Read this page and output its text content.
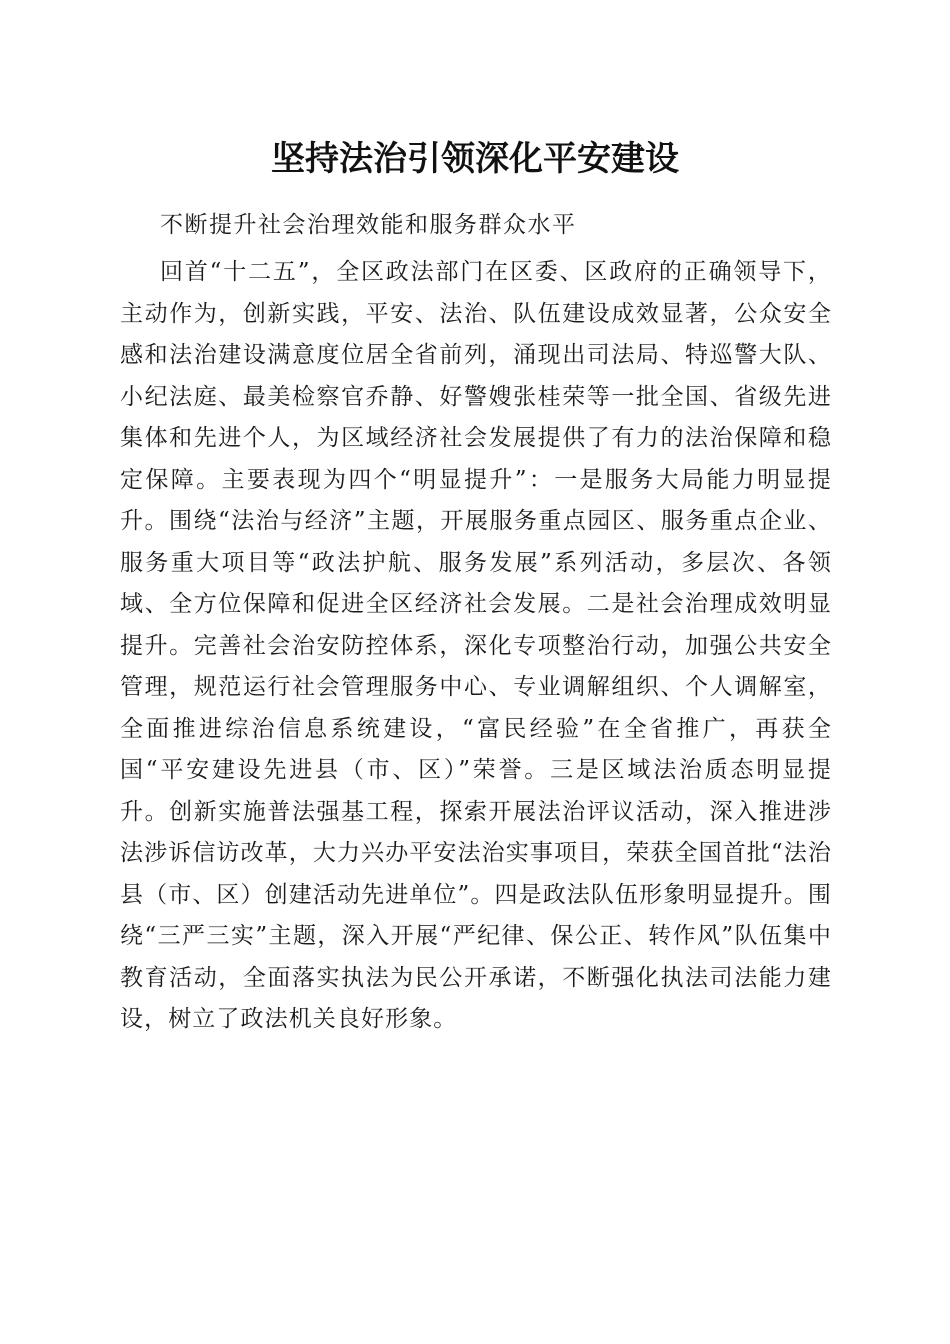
坚持法治引领深化平安建设
不断提升社会治理效能和服务群众水平
回首“十二五”，全区政法部门在区委、区政府的正确领导下，主动作为，创新实践，平安、法治、队伍建设成效显著，公众安全感和法治建设满意度位居全省前列，涌现出司法局、特巡警大队、小纪法庭、最美检察官乔静、好警嫂张桂荣等一批全国、省级先进集体和先进个人，为区域经济社会发展提供了有力的法治保障和稳定保障。主要表现为四个“明显提升”：一是服务大局能力明显提升。围绕“法治与经济”主题，开展服务重点园区、服务重点企业、服务重大项目等“政法护航、服务发展”系列活动，多层次、各领域、全方位保障和促进全区经济社会发展。二是社会治理成效明显提升。完善社会治安防控体系，深化专项整治行动，加强公共安全管理，规范运行社会管理服务中心、专业调解组织、个人调解室，全面推进综治信息系统建设，“富民经验”在全省推广，再获全国“平安建设先进县（市、区）”荣誉。三是区域法治质态明显提升。创新实施普法强基工程，探索开展法治评议活动，深入推进涉法涉诉信访改革，大力兴办平安法治实事项目，荣获全国首批“法治县（市、区）创建活动先进单位”。四是政法队伍形象明显提升。围绕“三严三实”主题，深入开展“严纪律、保公正、转作风”队伍集中教育活动，全面落实执法为民公开承诺，不断强化执法司法能力建设，树立了政法机关良好形象。
